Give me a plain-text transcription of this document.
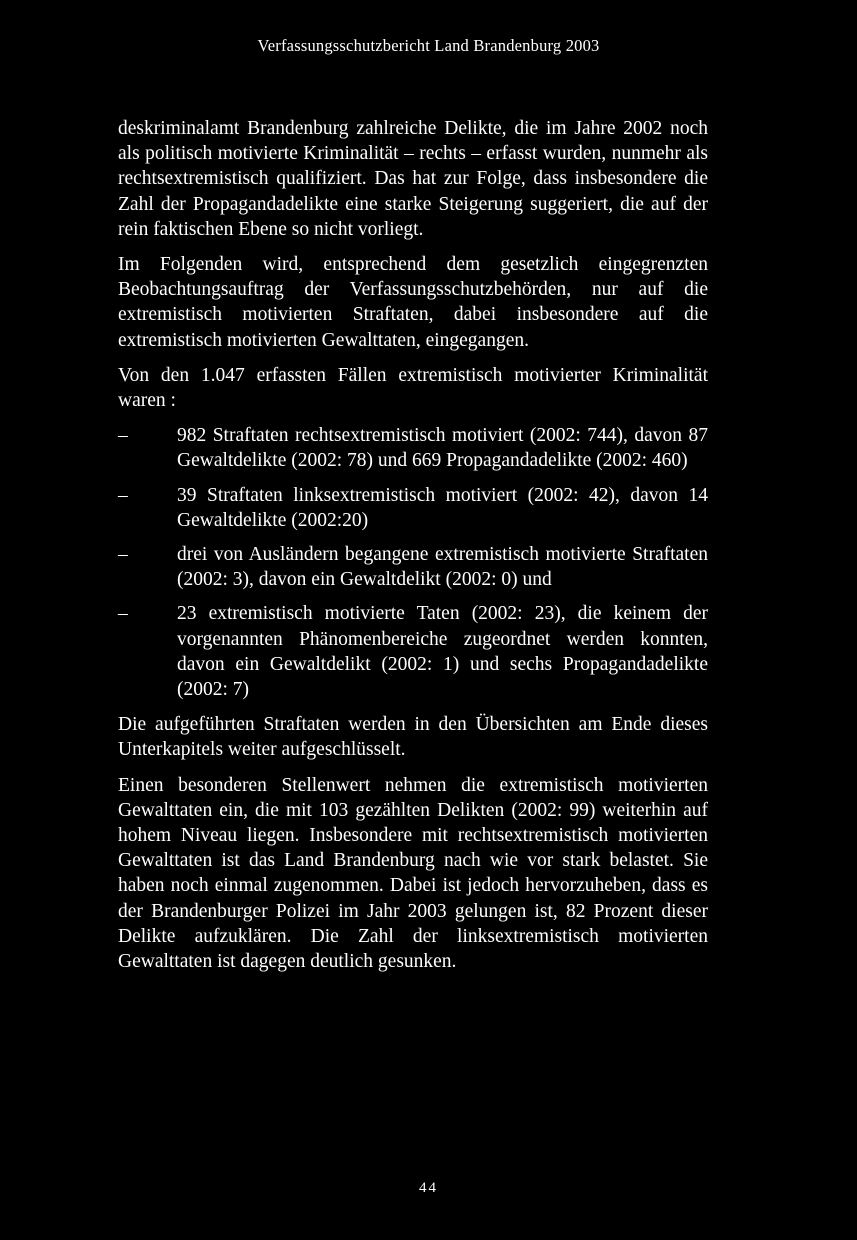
Verfassungsschutzbericht Land Brandenburg 2003

deskriminalamt Brandenburg zahlreiche Delikte, die im Jahre 2002 noch als politisch motivierte Kriminalität – rechts – erfasst wurden, nunmehr als rechtsextremistisch qualifiziert. Das hat zur Folge, dass insbesondere die Zahl der Propagandadelikte eine starke Steigerung suggeriert, die auf der rein faktischen Ebene so nicht vorliegt.

Im Folgenden wird, entsprechend dem gesetzlich eingegrenzten Beobachtungsauftrag der Verfassungsschutzbehörden, nur auf die extremistisch motivierten Straftaten, dabei insbesondere auf die extremistisch motivierten Gewalttaten, eingegangen.

Von den 1.047 erfassten Fällen extremistisch motivierter Kriminalität waren :

–	982 Straftaten rechtsextremistisch motiviert (2002: 744), davon 87 Gewaltdelikte (2002: 78) und 669 Propagandadelikte (2002: 460)
–	39 Straftaten linksextremistisch motiviert (2002: 42), davon 14 Gewaltdelikte (2002:20)
–	drei von Ausländern begangene extremistisch motivierte Straftaten (2002: 3), davon ein Gewaltdelikt (2002: 0) und
–	23 extremistisch motivierte Taten (2002: 23), die keinem der vorgenannten Phänomenbereiche zugeordnet werden konnten, davon ein Gewaltdelikt (2002: 1) und sechs Propagandadelikte (2002: 7)

Die aufgeführten Straftaten werden in den Übersichten am Ende dieses Unterkapitels weiter aufgeschlüsselt.

Einen besonderen Stellenwert nehmen die extremistisch motivierten Gewalttaten ein, die mit 103 gezählten Delikten (2002: 99) weiterhin auf hohem Niveau liegen. Insbesondere mit rechtsextremistisch motivierten Gewalttaten ist das Land Brandenburg nach wie vor stark belastet. Sie haben noch einmal zugenommen. Dabei ist jedoch hervorzuheben, dass es der Brandenburger Polizei im Jahr 2003 gelungen ist, 82 Prozent dieser Delikte aufzuklären. Die Zahl der linksextremistisch motivierten Gewalttaten ist dagegen deutlich gesunken.

44
